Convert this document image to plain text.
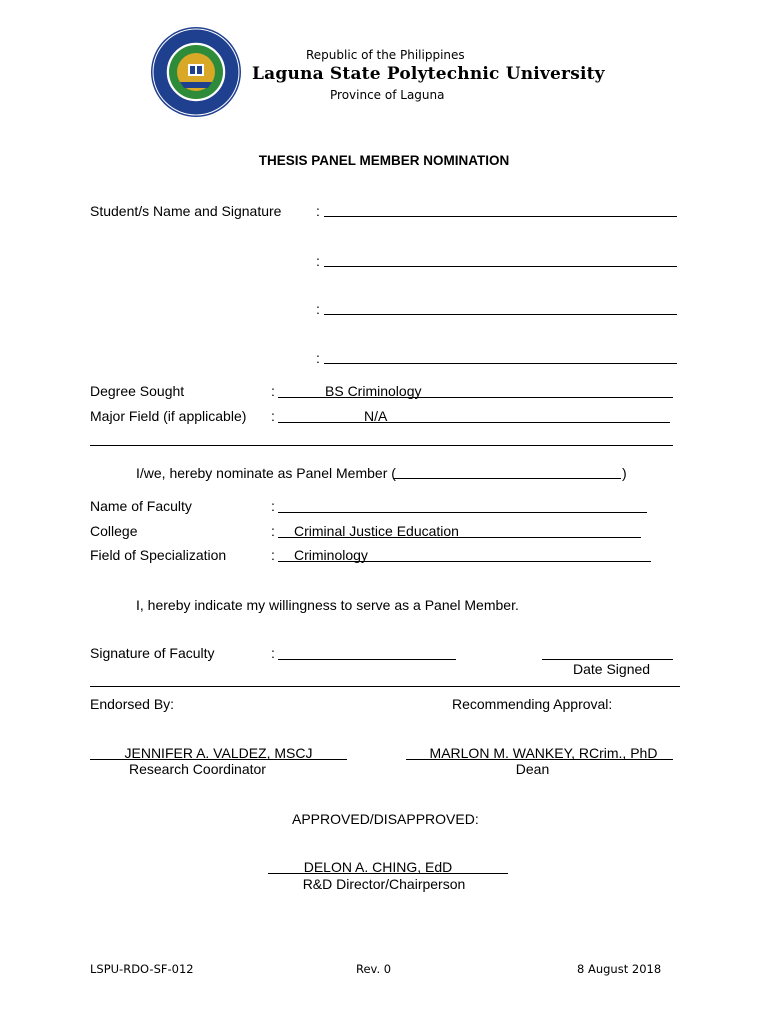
Republic of the Philippines
Laguna State Polytechnic University
Province of Laguna
THESIS PANEL MEMBER NOMINATION
Student/s Name and Signature :
:
:
:
Degree Sought	:	BS Criminology
Major Field (if applicable) :	N/A
I/we, hereby nominate as Panel Member (	)
Name of Faculty	:
College	: Criminal Justice Education
Field of Specialization	: Criminology
I, hereby indicate my willingness to serve as a Panel Member.
Signature of Faculty	:
Date Signed
Endorsed By:	Recommending Approval:
JENNIFER A. VALDEZ, MSCJ
Research Coordinator
MARLON M. WANKEY, RCrim., PhD
Dean
APPROVED/DISAPPROVED:
DELON A. CHING, EdD
R&D Director/Chairperson
LSPU-RDO-SF-012	Rev. 0	8 August 2018
